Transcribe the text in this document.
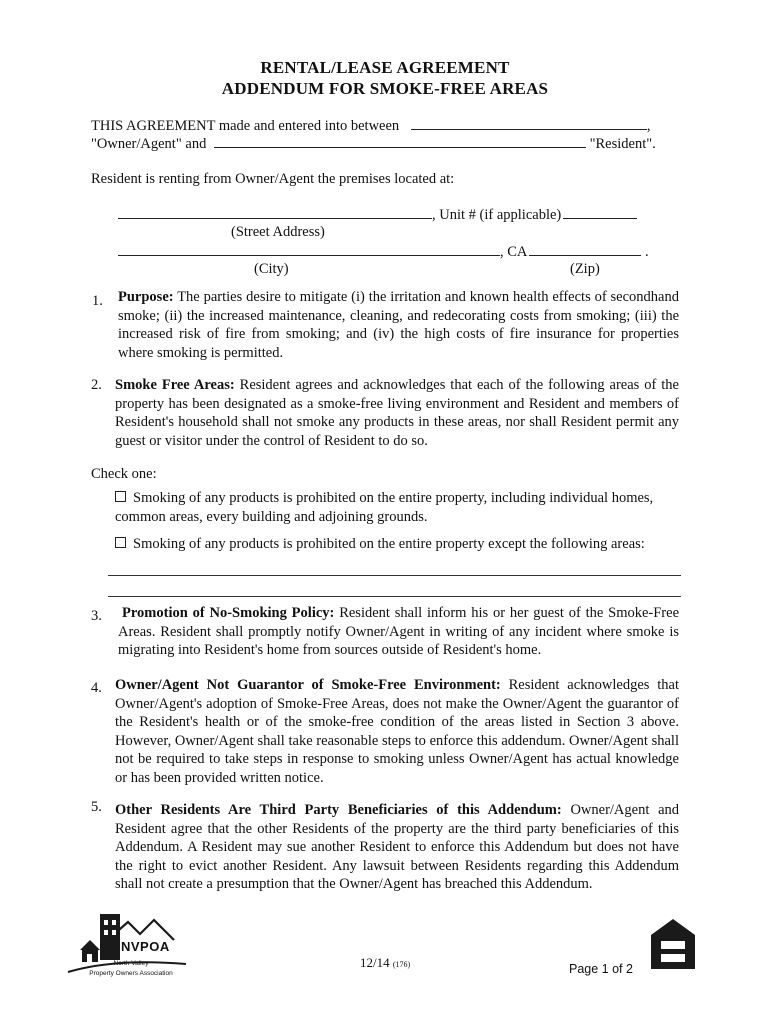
RENTAL/LEASE AGREEMENT
ADDENDUM FOR SMOKE-FREE AREAS
THIS AGREEMENT made and entered into between	,
"Owner/Agent" and	"Resident".
Resident is renting from Owner/Agent the premises located at:
, Unit # (if applicable)
(Street Address)
, CA	.
(City)	(Zip)
1. Purpose: The parties desire to mitigate (i) the irritation and known health effects of secondhand smoke; (ii) the increased maintenance, cleaning, and redecorating costs from smoking; (iii) the increased risk of fire from smoking; and (iv) the high costs of fire insurance for properties where smoking is permitted.
2. Smoke Free Areas: Resident agrees and acknowledges that each of the following areas of the property has been designated as a smoke-free living environment and Resident and members of Resident's household shall not smoke any products in these areas, nor shall Resident permit any guest or visitor under the control of Resident to do so.
Check one:
Smoking of any products is prohibited on the entire property, including individual homes, common areas, every building and adjoining grounds.
Smoking of any products is prohibited on the entire property except the following areas:
3. Promotion of No-Smoking Policy: Resident shall inform his or her guest of the Smoke-Free Areas. Resident shall promptly notify Owner/Agent in writing of any incident where smoke is migrating into Resident's home from sources outside of Resident's home.
4. Owner/Agent Not Guarantor of Smoke-Free Environment: Resident acknowledges that Owner/Agent's adoption of Smoke-Free Areas, does not make the Owner/Agent the guarantor of the Resident's health or of the smoke-free condition of the areas listed in Section 3 above. However, Owner/Agent shall take reasonable steps to enforce this addendum. Owner/Agent shall not be required to take steps in response to smoking unless Owner/Agent has actual knowledge or has been provided written notice.
5. Other Residents Are Third Party Beneficiaries of this Addendum: Owner/Agent and Resident agree that the other Residents of the property are the third party beneficiaries of this Addendum. A Resident may sue another Resident to enforce this Addendum but does not have the right to evict another Resident. Any lawsuit between Residents regarding this Addendum shall not create a presumption that the Owner/Agent has breached this Addendum.
NVPOA
North Valley
Property Owners Association
12/14 (176)	Page 1 of 2
